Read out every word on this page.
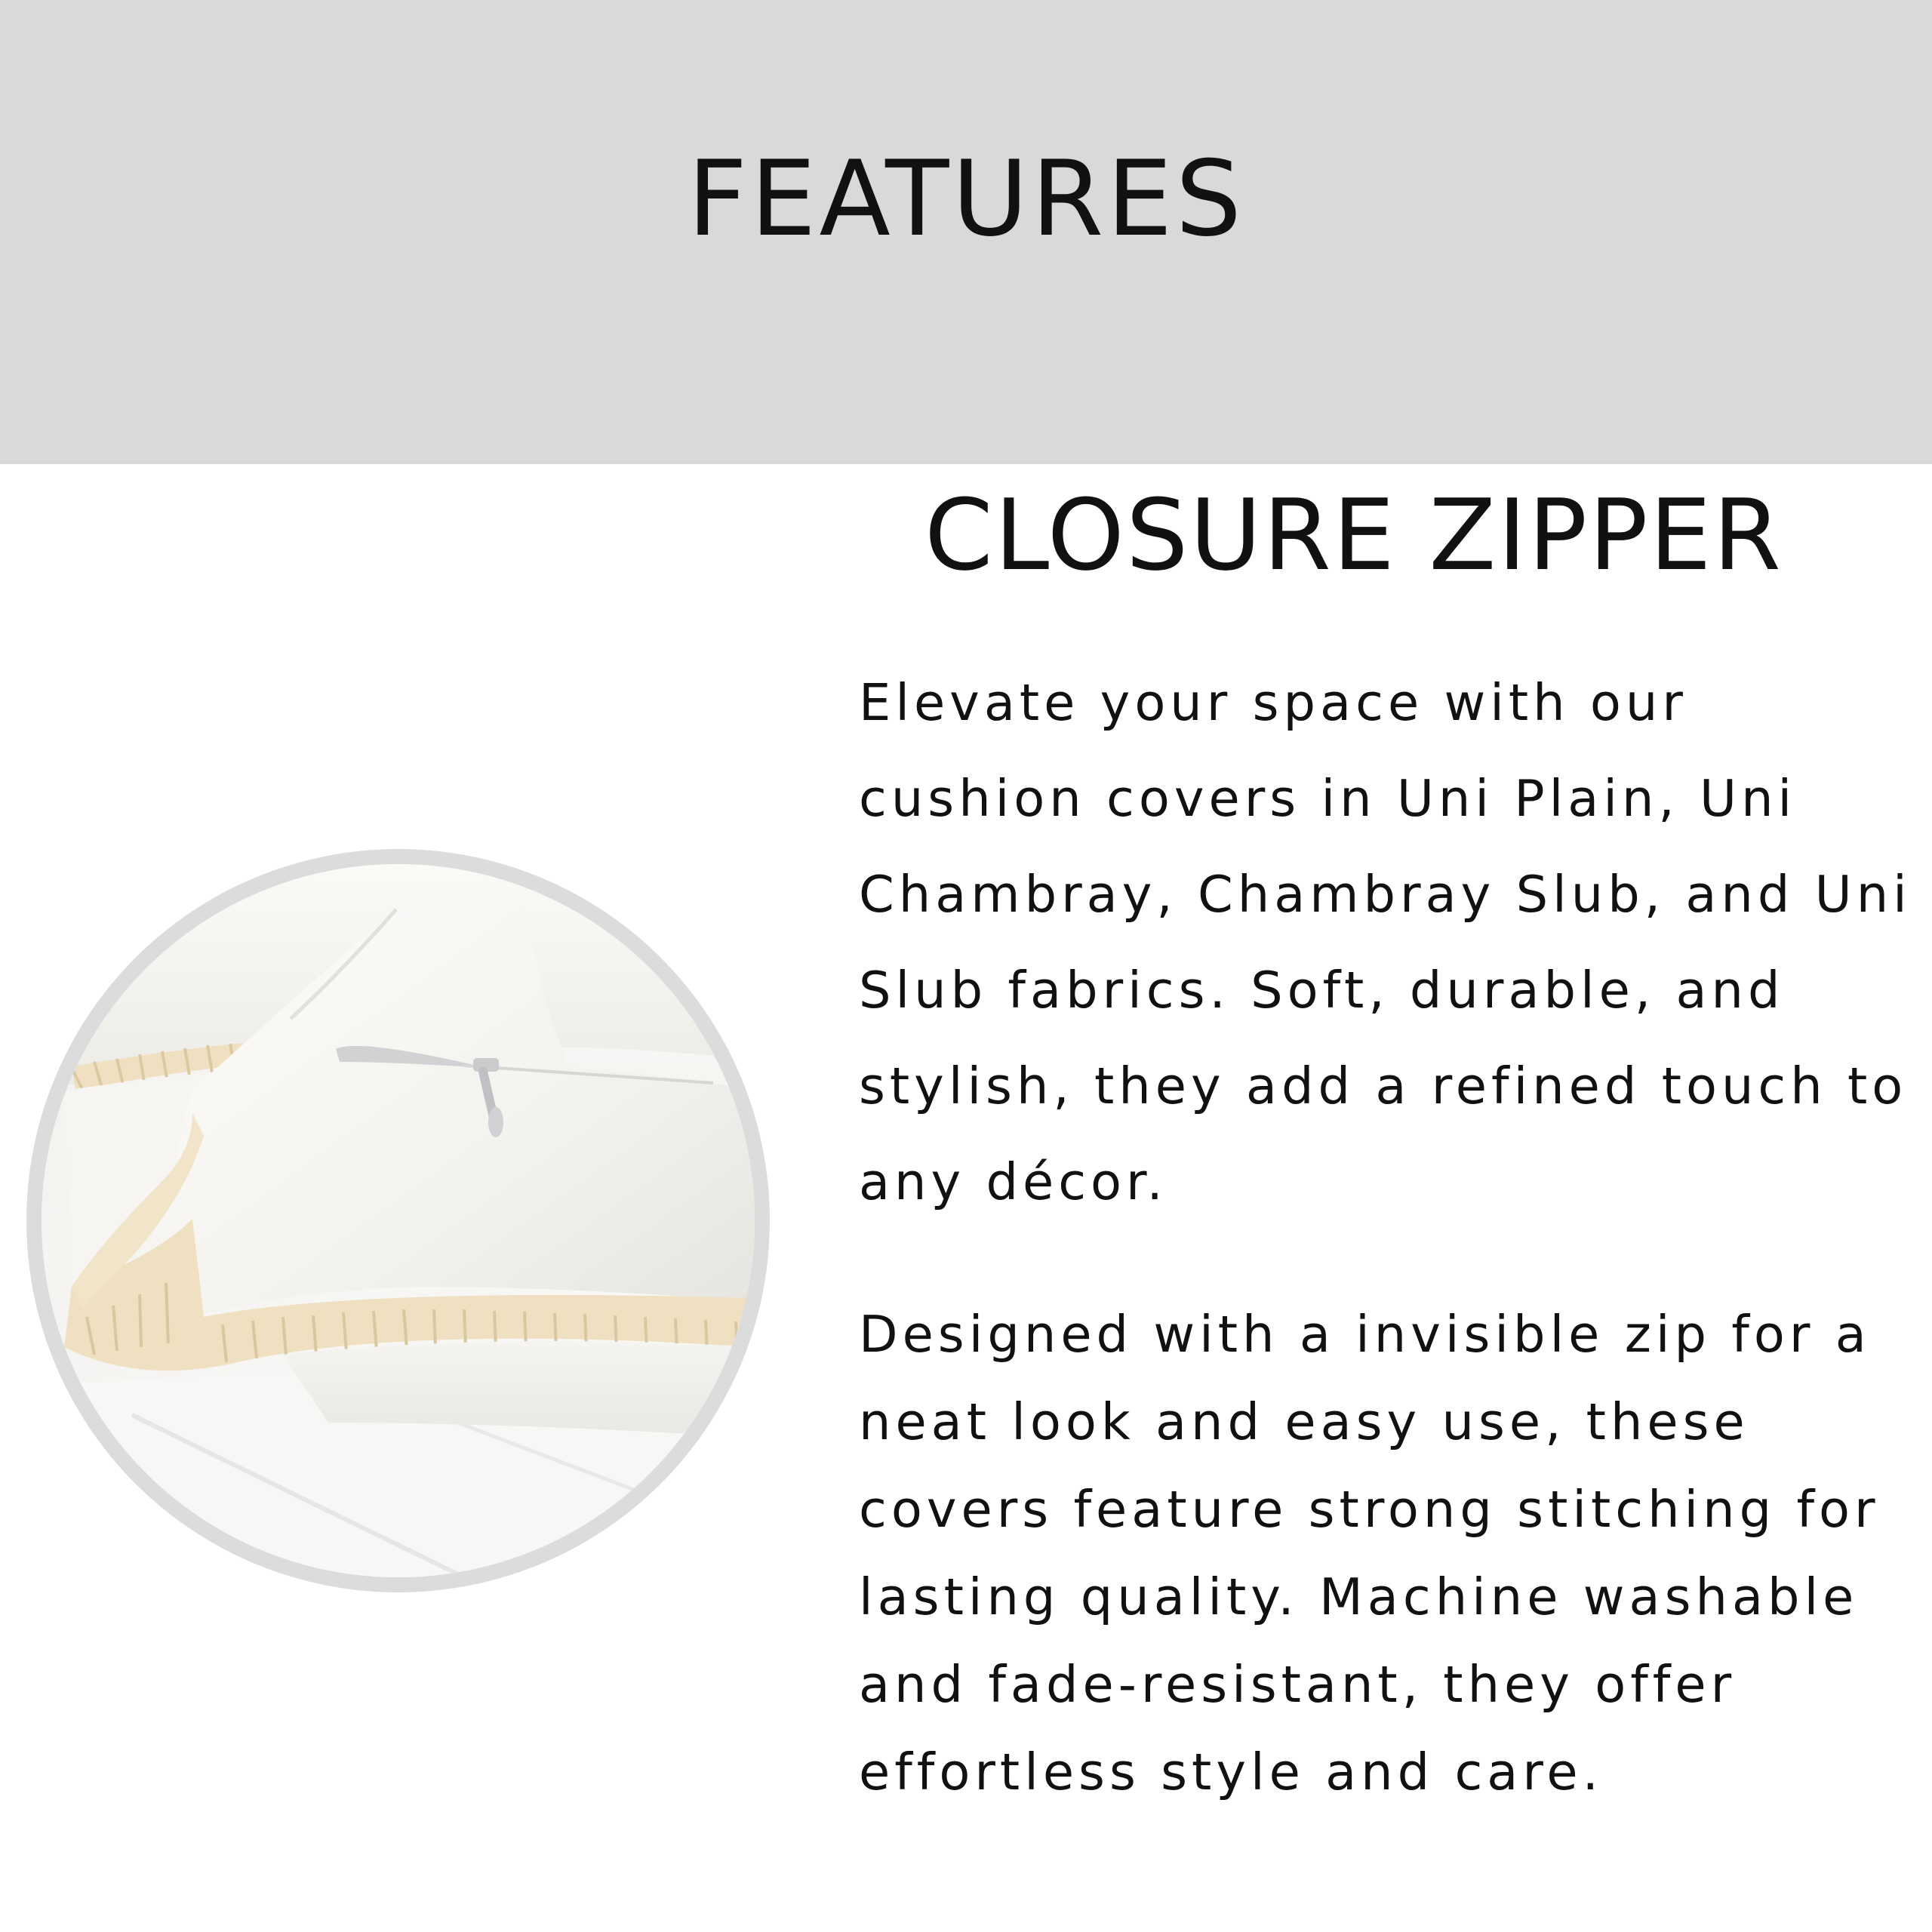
FEATURES
CLOSURE ZIPPER

Elevate your space with our cushion covers in Uni Plain, Uni Chambray, Chambray Slub, and Uni Slub fabrics. Soft, durable, and stylish, they add a refined touch to any décor.

Designed with a invisible zip for a neat look and easy use, these covers feature strong stitching for lasting quality. Machine washable and fade-resistant, they offer effortless style and care.
